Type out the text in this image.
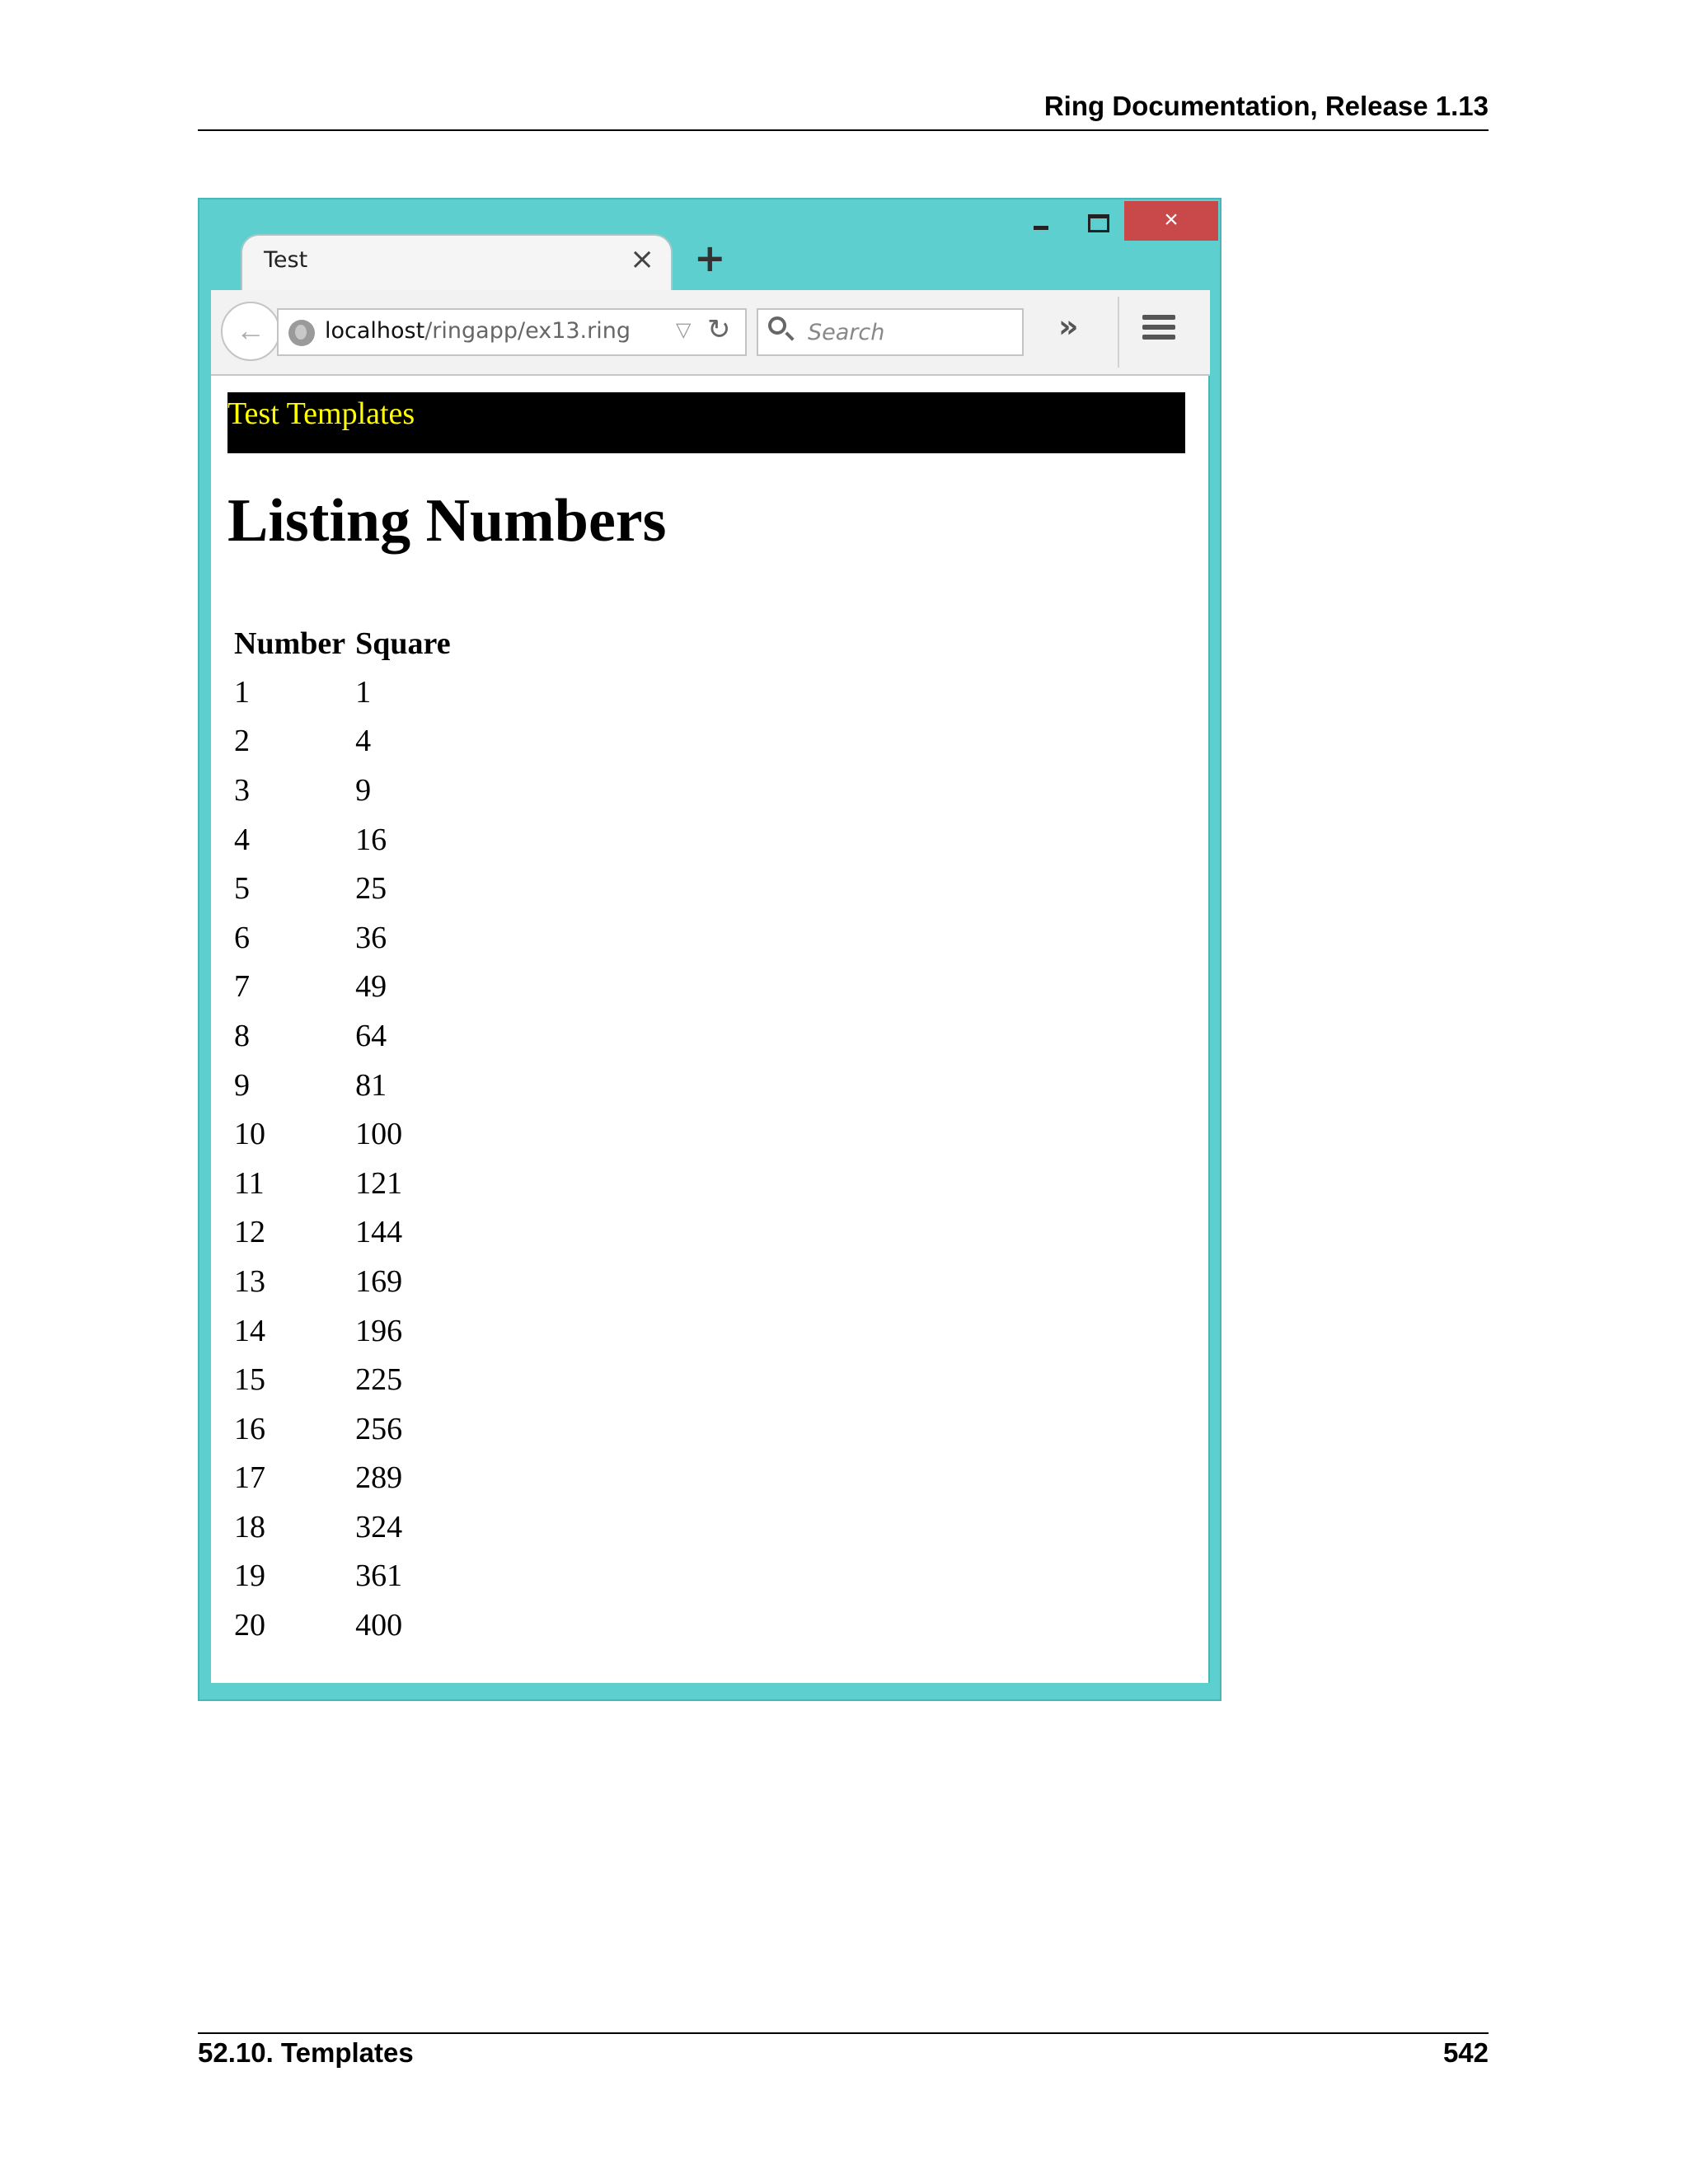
Ring Documentation, Release 1.13
×
Test	× +
←	localhost/ringapp/ex13.ring ▽ ↻	Search	»
Test Templates
Listing Numbers
Number	Square
1	1
2	4
3	9
4	16
5	25
6	36
7	49
8	64
9	81
10	100
11	121
12	144
13	169
14	196
15	225
16	256
17	289
18	324
19	361
20	400
52.10. Templates	542
